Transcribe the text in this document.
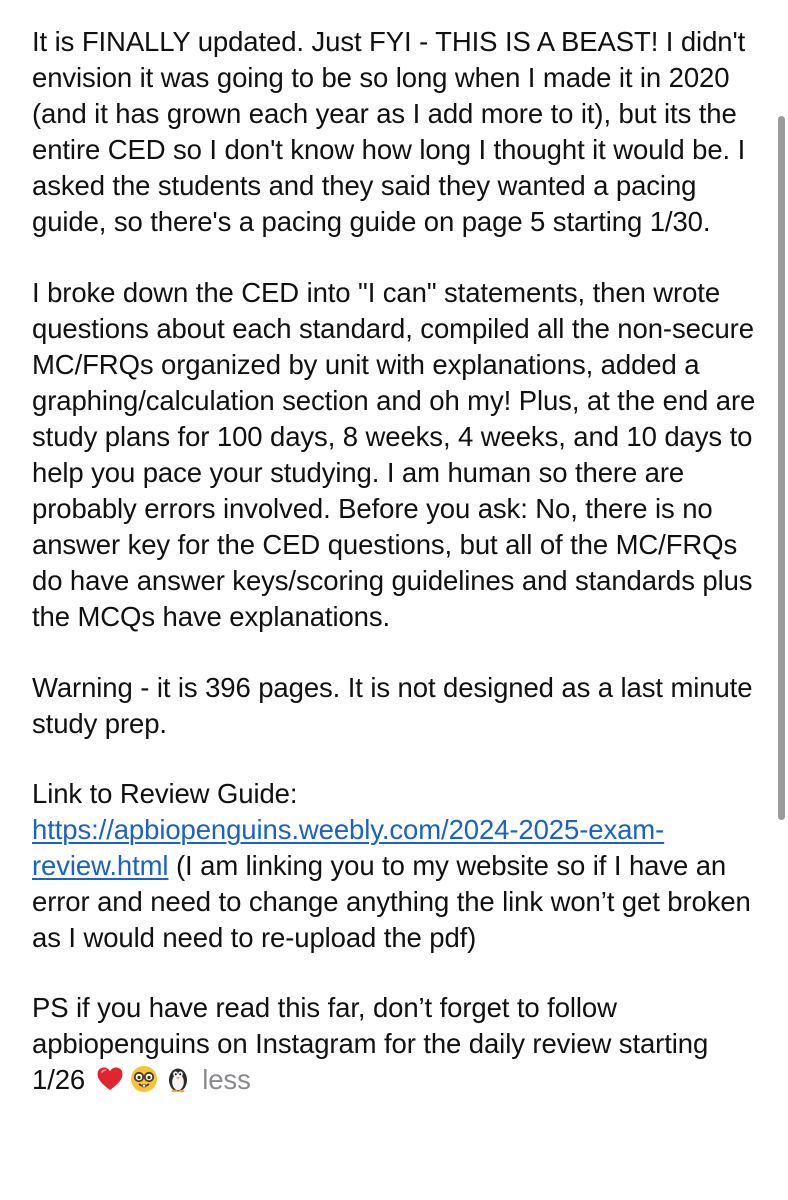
It is FINALLY updated. Just FYI - THIS IS A BEAST! I didn't envision it was going to be so long when I made it in 2020 (and it has grown each year as I add more to it), but its the entire CED so I don't know how long I thought it would be. I asked the students and they said they wanted a pacing guide, so there's a pacing guide on page 5 starting 1/30.

I broke down the CED into "I can" statements, then wrote questions about each standard, compiled all the non-secure MC/FRQs organized by unit with explanations, added a graphing/calculation section and oh my! Plus, at the end are study plans for 100 days, 8 weeks, 4 weeks, and 10 days to help you pace your studying. I am human so there are probably errors involved. Before you ask: No, there is no answer key for the CED questions, but all of the MC/FRQs do have answer keys/scoring guidelines and standards plus the MCQs have explanations.

Warning - it is 396 pages. It is not designed as a last minute study prep.

Link to Review Guide: https://apbiopenguins.weebly.com/2024-2025-exam-review.html (I am linking you to my website so if I have an error and need to change anything the link won’t get broken as I would need to re-upload the pdf)

PS if you have read this far, don’t forget to follow apbiopenguins on Instagram for the daily review starting 1/26	less
